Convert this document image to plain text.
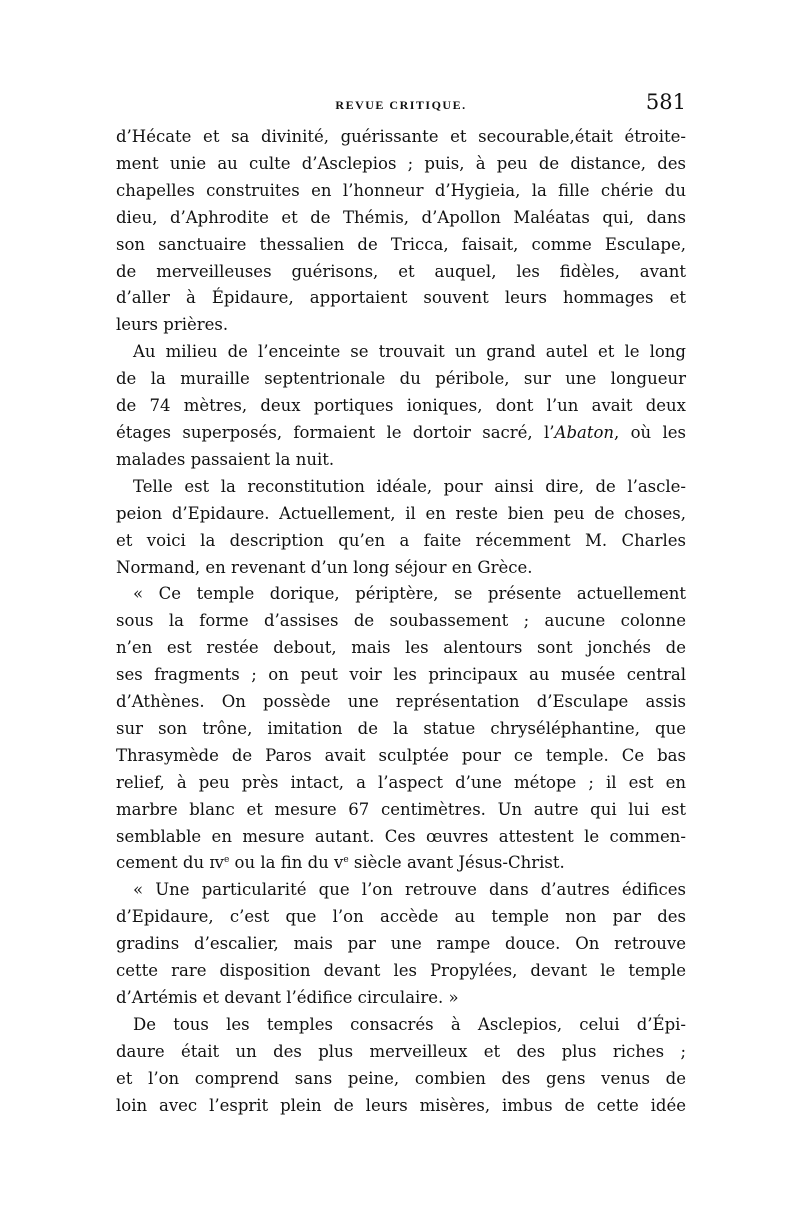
REVUE CRITIQUE.	581
d’Hécate et sa divinité, guérissante et secourable,était étroite-
ment unie au culte d’Asclepios ; puis, à peu de distance, des
chapelles construites en l’honneur d’Hygieia, la fille chérie du
dieu, d’Aphrodite et de Thémis, d’Apollon Maléatas qui, dans
son sanctuaire thessalien de Tricca, faisait, comme Esculape,
de merveilleuses guérisons, et auquel, les fidèles, avant
d’aller à Épidaure, apportaient souvent leurs hommages et
leurs prières.
Au milieu de l’enceinte se trouvait un grand autel et le long
de la muraille septentrionale du péribole, sur une longueur
de 74 mètres, deux portiques ioniques, dont l’un avait deux
étages superposés, formaient le dortoir sacré, l’Abaton, où les
malades passaient la nuit.
Telle est la reconstitution idéale, pour ainsi dire, de l’ascle-
peion d’Epidaure. Actuellement, il en reste bien peu de choses,
et voici la description qu’en a faite récemment M. Charles
Normand, en revenant d’un long séjour en Grèce.
« Ce temple dorique, périptère, se présente actuellement
sous la forme d’assises de soubassement ; aucune colonne
n’en est restée debout, mais les alentours sont jonchés de
ses fragments ; on peut voir les principaux au musée central
d’Athènes. On possède une représentation d’Esculape assis
sur son trône, imitation de la statue chryséléphantine, que
Thrasymède de Paros avait sculptée pour ce temple. Ce bas
relief, à peu près intact, a l’aspect d’une métope ; il est en
marbre blanc et mesure 67 centimètres. Un autre qui lui est
semblable en mesure autant. Ces œuvres attestent le commen-
cement du ɪv$^e$ ou la fin du $v^e$ siècle avant Jésus-Christ.
« Une particularité que l’on retrouve dans d’autres édifices
d’Epidaure, c’est que l’on accède au temple non par des
gradins d’escalier, mais par une rampe douce. On retrouve
cette rare disposition devant les Propylées, devant le temple
d’Artémis et devant l’édifice circulaire. »
De tous les temples consacrés à Asclepios, celui d’Épi-
daure était un des plus merveilleux et des plus riches ;
et l’on comprend sans peine, combien des gens venus de
loin avec l’esprit plein de leurs misères, imbus de cette idée
